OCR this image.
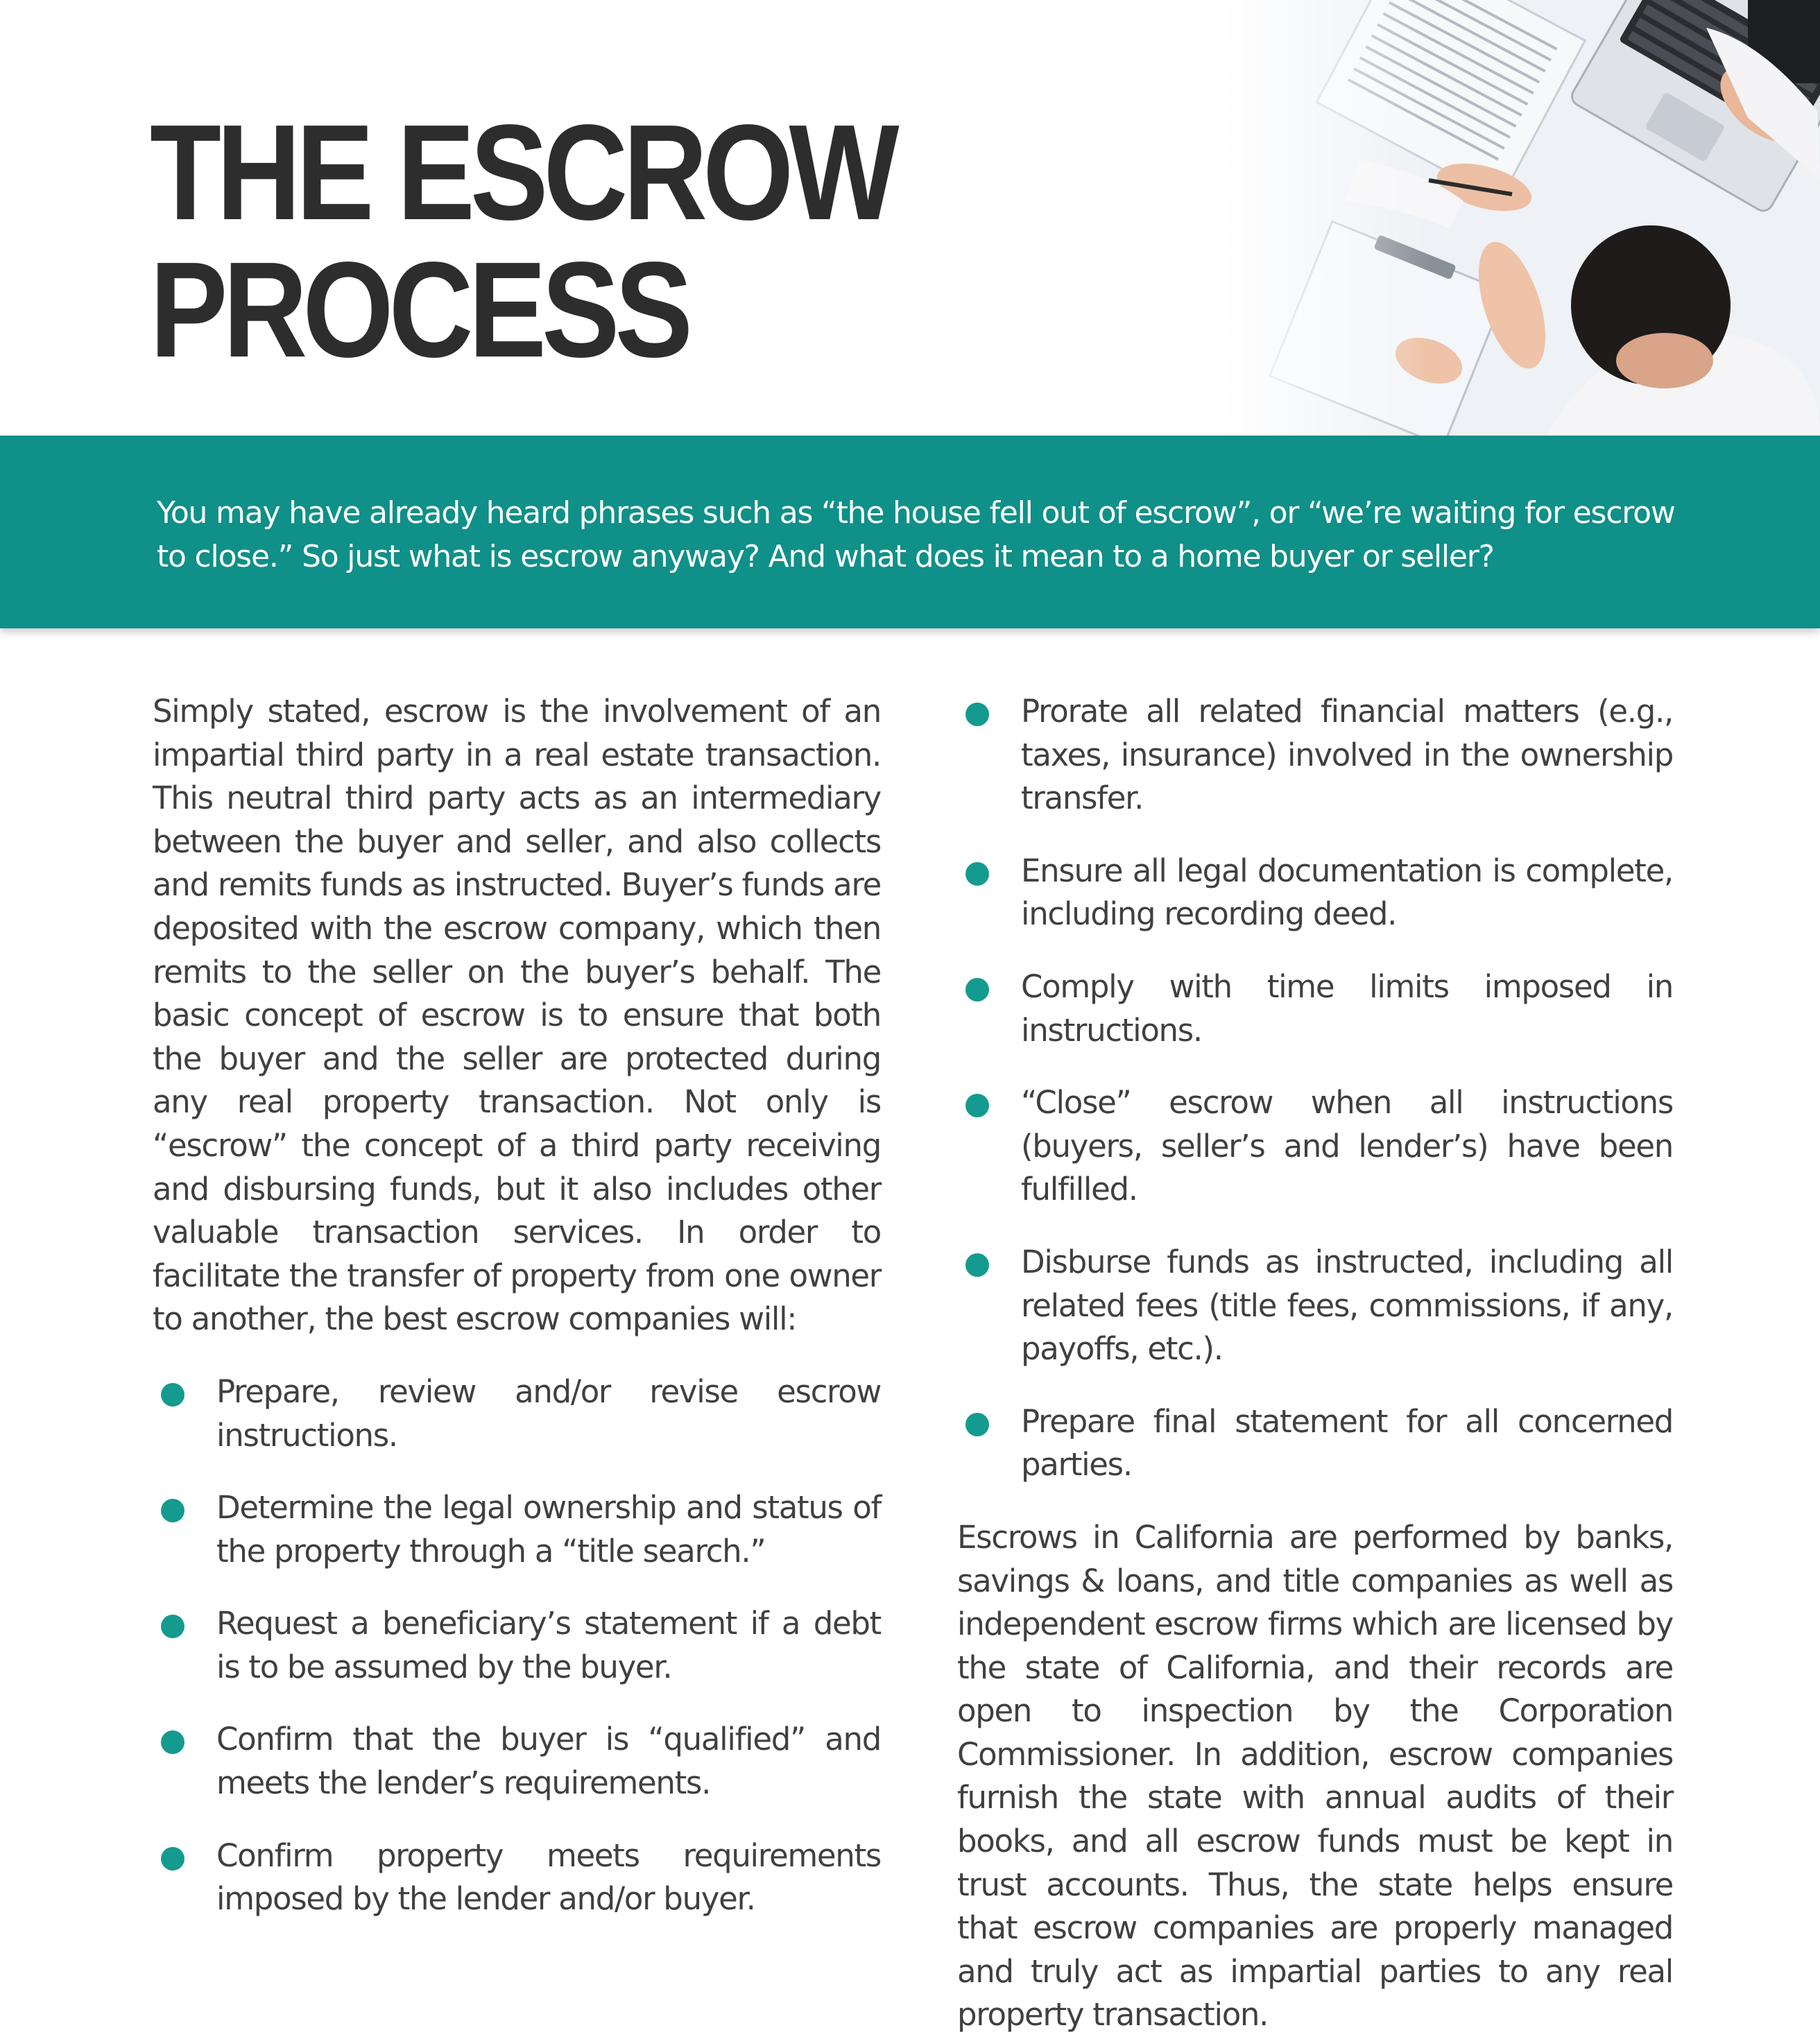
THE ESCROW
PROCESS

You may have already heard phrases such as “the house fell out of escrow”, or “we’re waiting for escrow to close.” So just what is escrow anyway? And what does it mean to a home buyer or seller?

Simply stated, escrow is the involvement of an impartial third party in a real estate transaction. This neutral third party acts as an intermediary between the buyer and seller, and also collects and remits funds as instructed. Buyer’s funds are deposited with the escrow company, which then remits to the seller on the buyer’s behalf. The basic concept of escrow is to ensure that both the buyer and the seller are protected during any real property transaction. Not only is “escrow” the concept of a third party receiving and disbursing funds, but it also includes other valuable transaction services. In order to facilitate the transfer of property from one owner to another, the best escrow companies will:

Prepare, review and/or revise escrow instructions.
Determine the legal ownership and status of the property through a “title search.”
Request a beneficiary’s statement if a debt is to be assumed by the buyer.
Confirm that the buyer is “qualified” and meets the lender’s requirements.
Confirm property meets requirements imposed by the lender and/or buyer.
Prorate all related financial matters (e.g., taxes, insurance) involved in the ownership transfer.
Ensure all legal documentation is complete, including recording deed.
Comply with time limits imposed in instructions.
“Close” escrow when all instructions (buyers, seller’s and lender’s) have been fulfilled.
Disburse funds as instructed, including all related fees (title fees, commissions, if any, payoffs, etc.).
Prepare final statement for all concerned parties.

Escrows in California are performed by banks, savings & loans, and title companies as well as independent escrow firms which are licensed by the state of California, and their records are open to inspection by the Corporation Commissioner. In addition, escrow companies furnish the state with annual audits of their books, and all escrow funds must be kept in trust accounts. Thus, the state helps ensure that escrow companies are properly managed and truly act as impartial parties to any real property transaction.
